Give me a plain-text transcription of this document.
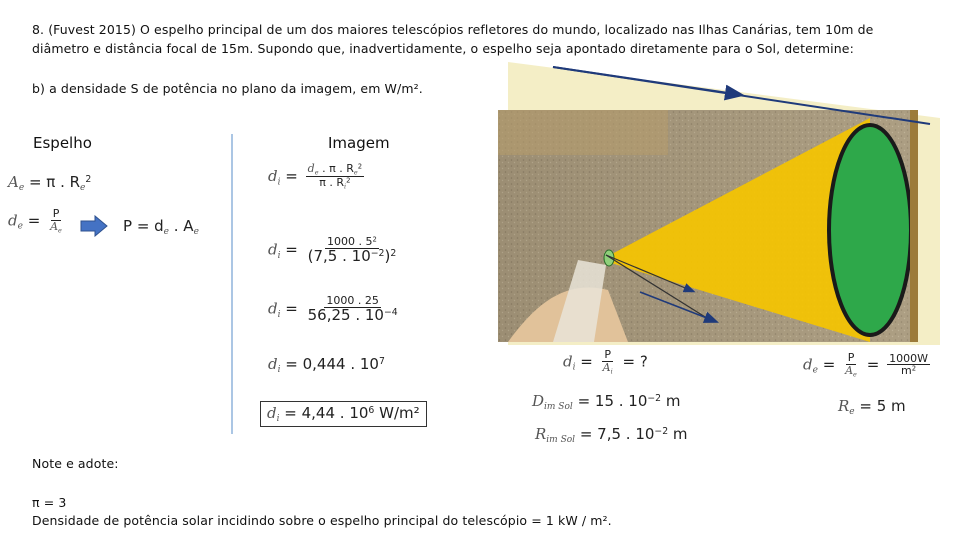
8. (Fuvest 2015) O espelho principal de um dos maiores telescópios refletores do mundo, localizado nas Ilhas Canárias, tem 10m de
diâmetro e distância focal de 15m. Supondo que, inadvertidamente, o espelho seja apontado diretamente para o Sol, determine:
b) a densidade S de potência no plano da imagem, em W/m².
Espelho	Imagem
$A_e = \pi$ . $R_e^2$
$d_e = \frac{P}{A_e}$	$P = d_e$ . $A_e$
$d_i = \frac{d_e . \pi . R_e^2}{\pi . R_i^2}$
$d_i = \frac{1000 . 5^2}{(7,5 . 10^{-2})^2}$
$d_i = \frac{1000 . 25}{56,25 . 10^{-4}}$
$d_i = 0,444$ . $10^7$
$d_i = 4,44$ . $10^6$ W/m²
$d_i = \frac{P}{A_i}$ = ?
$D_{im Sol} = 15$ . $10^{-2}$ m
$R_{im Sol} = 7,5$ . $10^{-2}$ m
$d_e = \frac{P}{A_e} = \frac{1000W}{m^2}$
$R_e = 5$ m
Note e adote:
π = 3
Densidade de potência solar incidindo sobre o espelho principal do telescópio = 1 kW / m².
